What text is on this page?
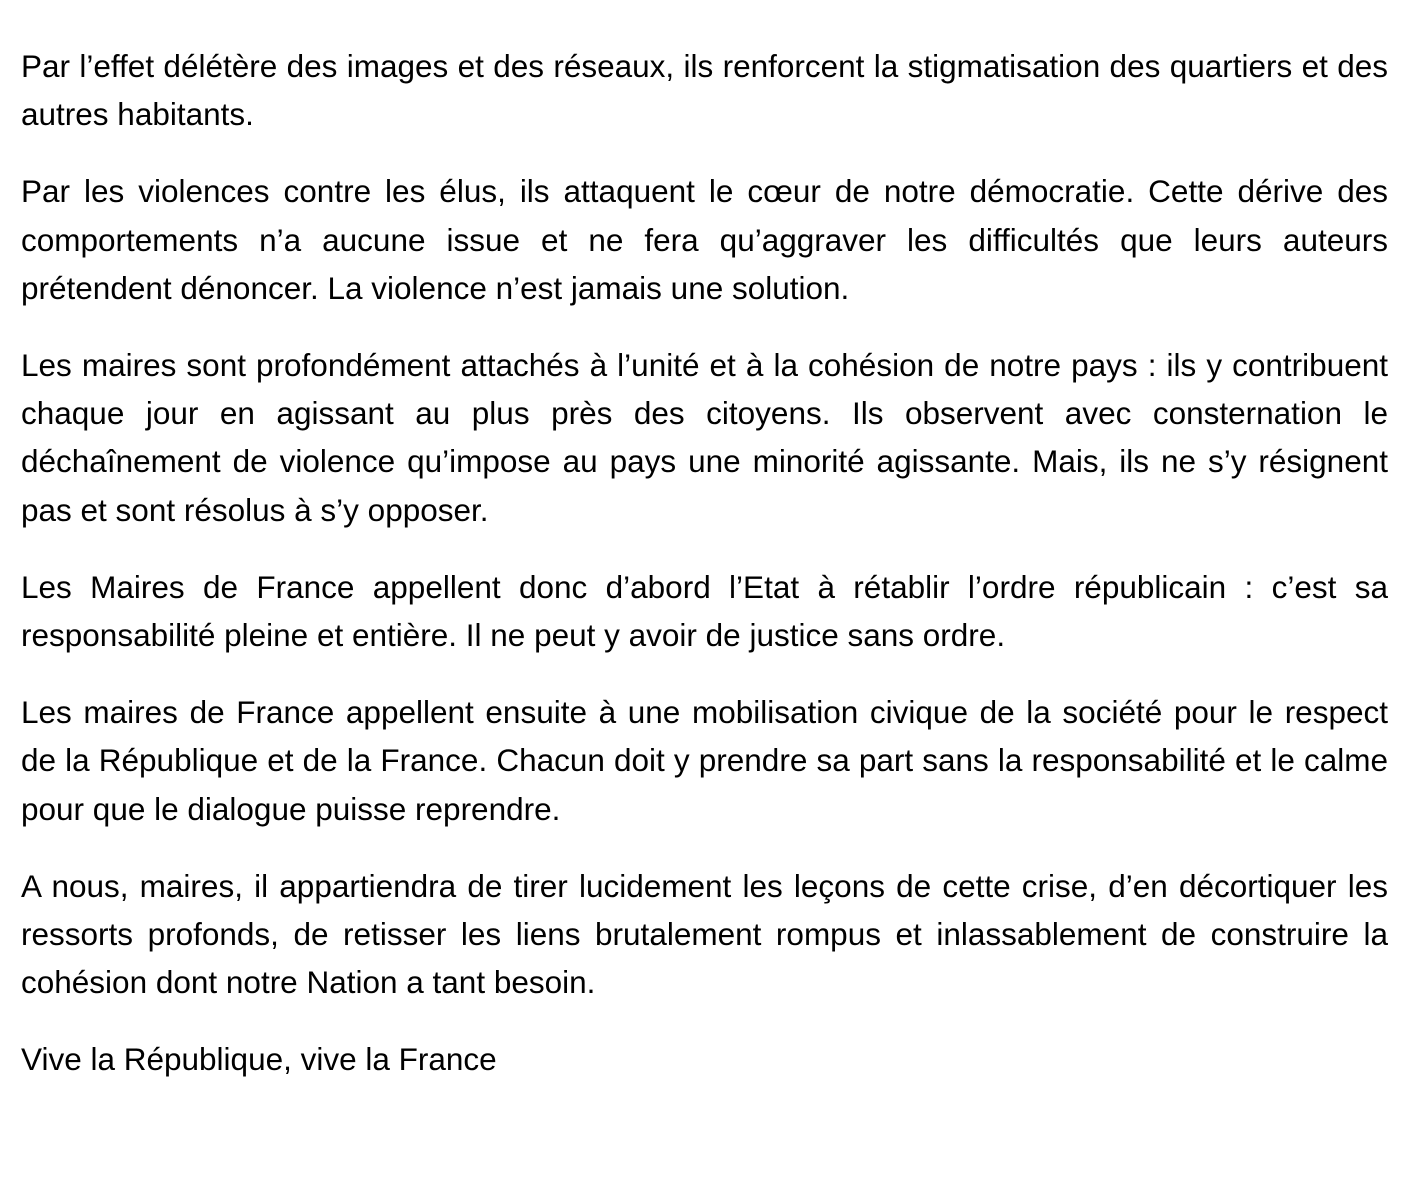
Par l’effet délétère des images et des réseaux, ils renforcent la stigmatisation des quartiers et des autres habitants.

Par les violences contre les élus, ils attaquent le cœur de notre démocratie. Cette dérive des comportements n’a aucune issue et ne fera qu’aggraver les difficultés que leurs auteurs prétendent dénoncer. La violence n’est jamais une solution.

Les maires sont profondément attachés à l’unité et à la cohésion de notre pays : ils y contribuent chaque jour en agissant au plus près des citoyens. Ils observent avec consternation le déchaînement de violence qu’impose au pays une minorité agissante. Mais, ils ne s’y résignent pas et sont résolus à s’y opposer.

Les Maires de France appellent donc d’abord l’Etat à rétablir l’ordre républicain : c’est sa responsabilité pleine et entière. Il ne peut y avoir de justice sans ordre.

Les maires de France appellent ensuite à une mobilisation civique de la société pour le respect de la République et de la France. Chacun doit y prendre sa part sans la responsabilité et le calme pour que le dialogue puisse reprendre.

A nous, maires, il appartiendra de tirer lucidement les leçons de cette crise, d’en décortiquer les ressorts profonds, de retisser les liens brutalement rompus et inlassablement de construire la cohésion dont notre Nation a tant besoin.

Vive la République, vive la France
